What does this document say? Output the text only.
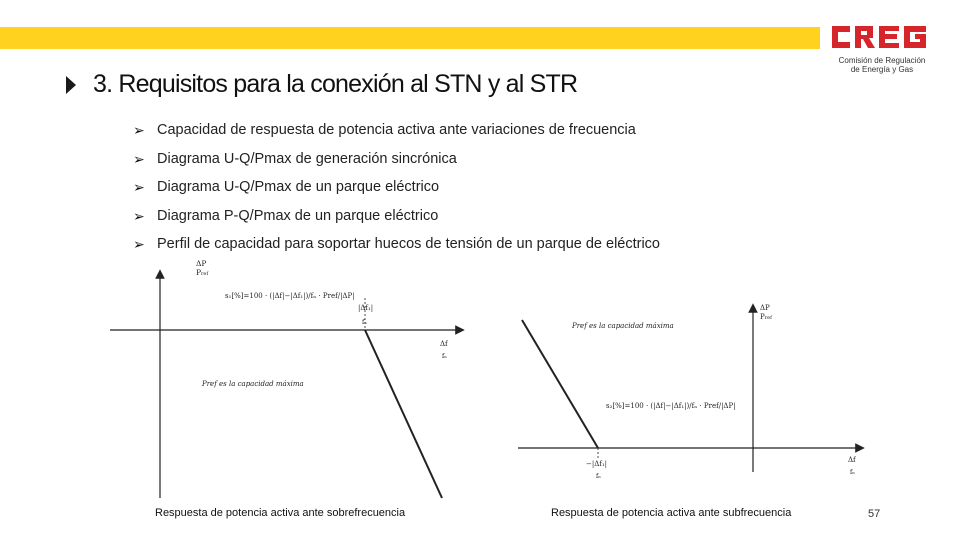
3. Requisitos para la conexión al STN y al STR
Comisión de Regulación
de Energía y Gas
➢ Capacidad de respuesta de potencia activa ante variaciones de frecuencia
➢ Diagrama U-Q/Pmax de generación sincrónica
➢ Diagrama U-Q/Pmax de un parque eléctrico
➢ Diagrama P-Q/Pmax de un parque eléctrico
➢ Perfil de capacidad para soportar huecos de tensión de un parque de eléctrico
ΔP Pref
s₁[%]=100 · (|Δf|−|Δf₁|)/fₙ · Pref/|ΔP|
|Δf₁|
fₙ
Δf
fₙ
Pref es la capacidad máxima
Respuesta de potencia activa ante sobrefrecuencia
ΔP Pref
Pref es la capacidad máxima
s₂[%]=100 · (|Δf|−|Δf₁|)/fₙ · Pref/|ΔP|
−|Δf₁|
fₙ
Δf
fₙ
Respuesta de potencia activa ante subfrecuencia	57
